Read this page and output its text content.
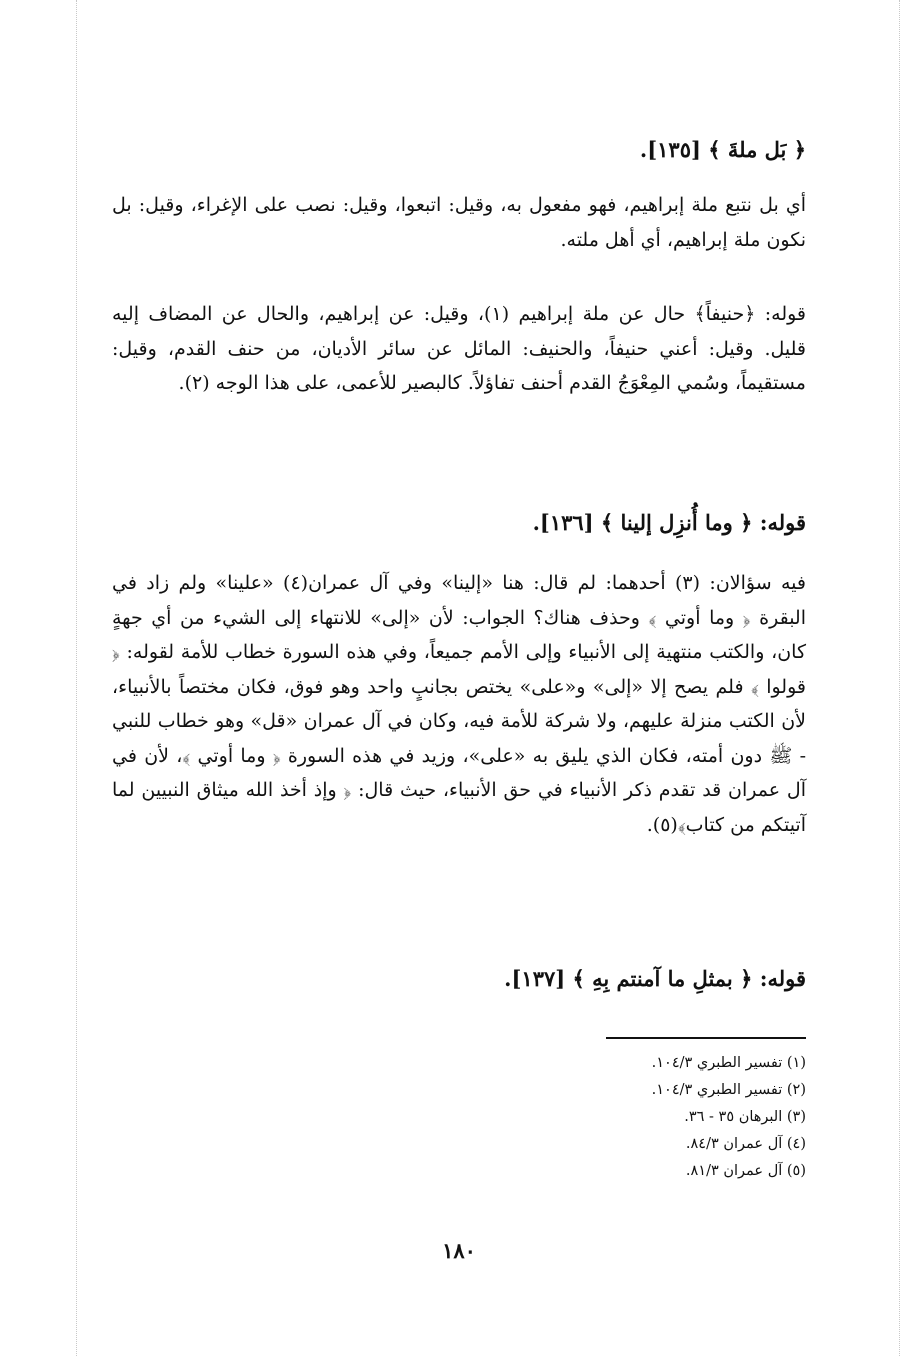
﴿ بَل ملةَ ﴾ [١٣٥].

أي بل نتبع ملة إبراهيم، فهو مفعول به، وقيل: اتبعوا، وقيل: نصب على الإغراء، وقيل: بل نكون ملة إبراهيم، أي أهل ملته.

قوله: ﴿حنيفاً﴾ حال عن ملة إبراهيم (١)، وقيل: عن إبراهيم، والحال عن المضاف إليه قليل. وقيل: أعني حنيفاً، والحنيف: المائل عن سائر الأديان، من حنف القدم، وقيل: مستقيماً، وسُمي المِعْوَجُ القدم أحنف تفاؤلاً. كالبصير للأعمى، على هذا الوجه (٢).

قوله: ﴿ وما أُنزِل إلينا ﴾ [١٣٦].

فيه سؤالان: (٣) أحدهما: لم قال: هنا «إلينا» وفي آل عمران(٤) «علينا» ولم زاد في البقرة ﴿ وما أوتي ﴾ وحذف هناك؟ الجواب: لأن «إلى» للانتهاء إلى الشيء من أي جهةٍ كان، والكتب منتهية إلى الأنبياء وإلى الأمم جميعاً، وفي هذه السورة خطاب للأمة لقوله: ﴿ قولوا ﴾ فلم يصح إلا «إلى» و«على» يختص بجانبٍ واحد وهو فوق، فكان مختصاً بالأنبياء، لأن الكتب منزلة عليهم، ولا شركة للأمة فيه، وكان في آل عمران «قل» وهو خطاب للنبي - ﷺ دون أمته، فكان الذي يليق به «على»، وزيد في هذه السورة ﴿ وما أوتي ﴾، لأن في آل عمران قد تقدم ذكر الأنبياء في حق الأنبياء، حيث قال: ﴿ وإذ أخذ الله ميثاق النبيين لما آتيتكم من كتاب﴾(٥).

قوله: ﴿ بمثلِ ما آمنتم بِهِ ﴾ [١٣٧].

(١) تفسير الطبري ١٠٤/٣.
(٢) تفسير الطبري ١٠٤/٣.
(٣) البرهان ٣٥ - ٣٦.
(٤) آل عمران ٨٤/٣.
(٥) آل عمران ٨١/٣.
١٨٠
